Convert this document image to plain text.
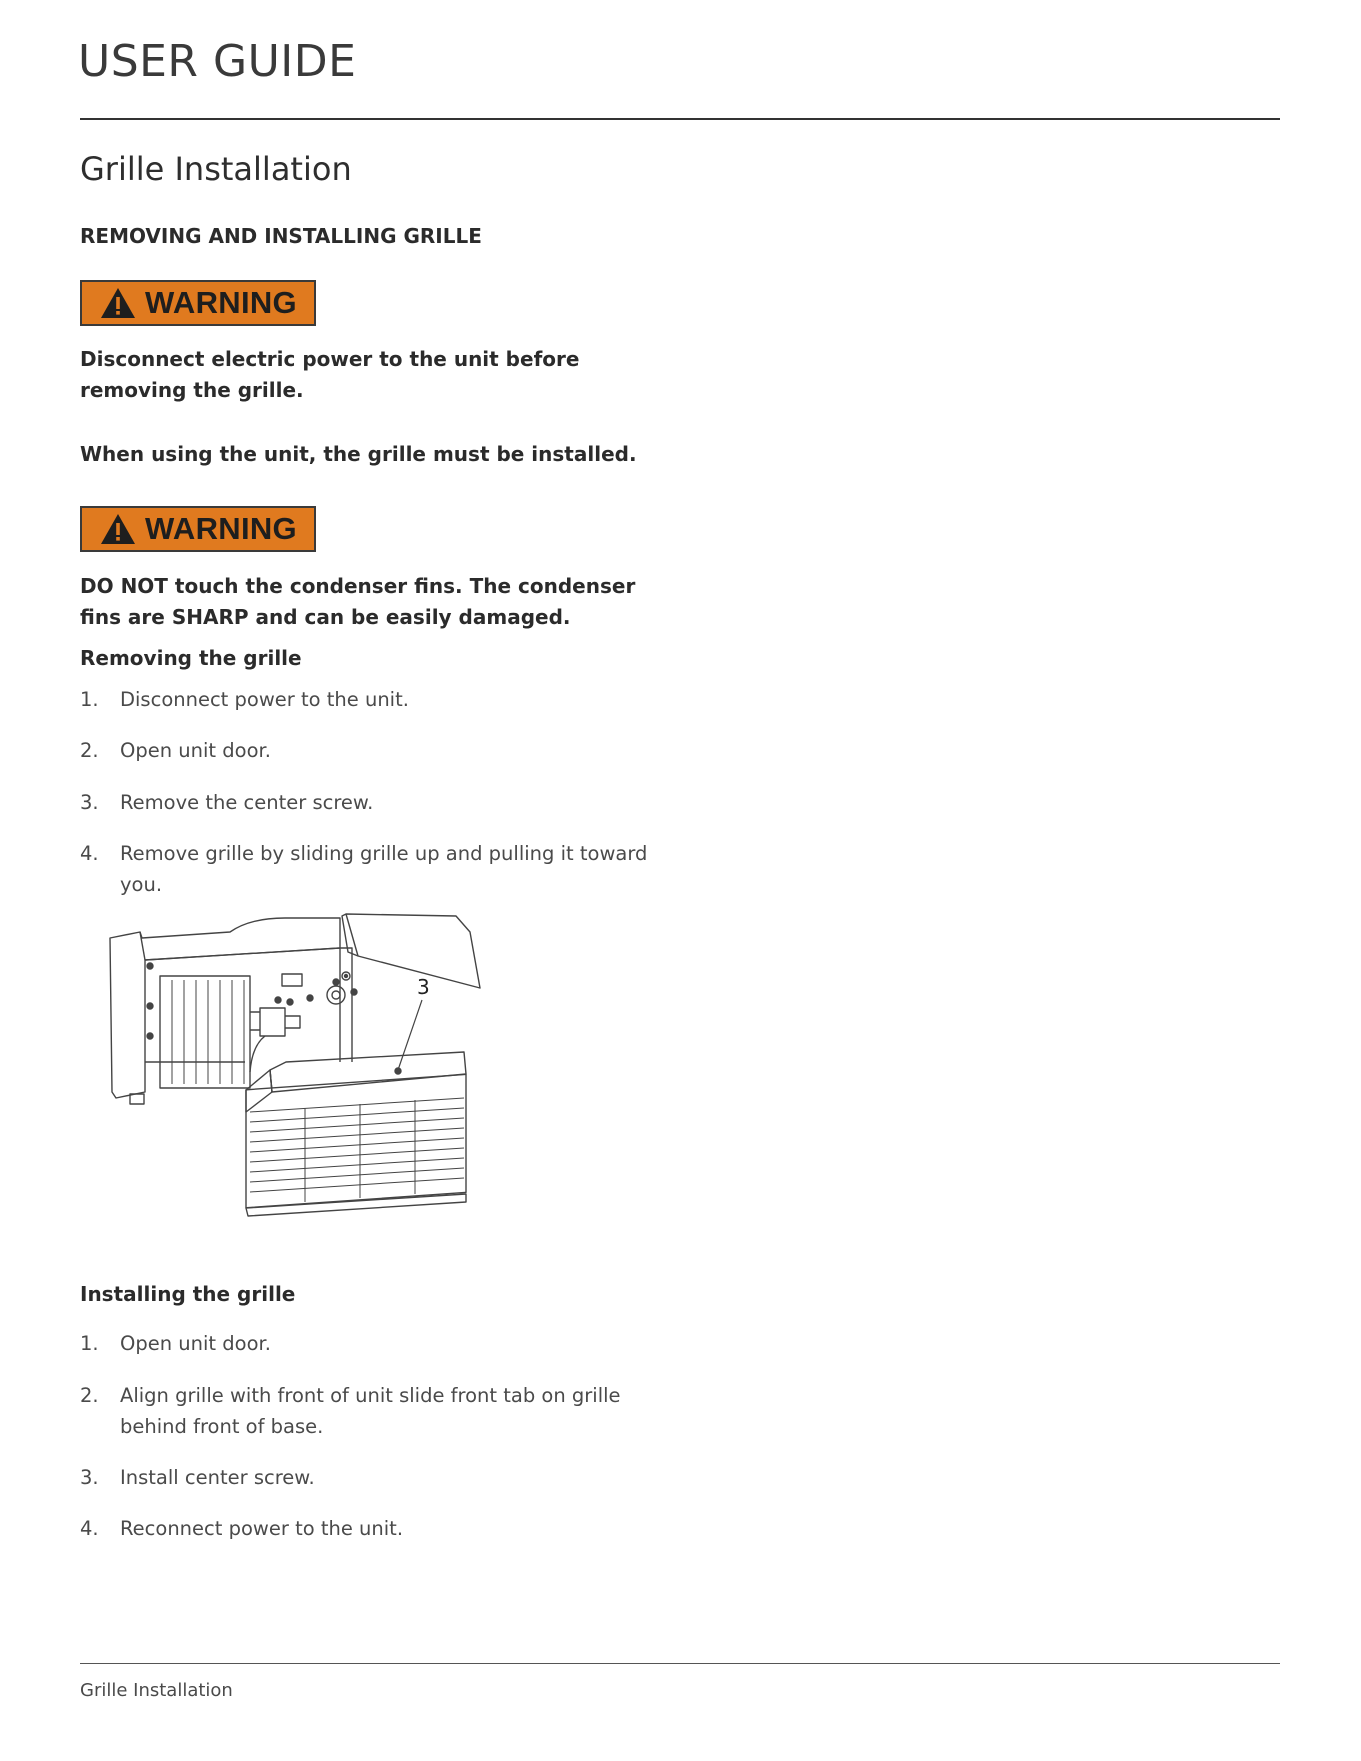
USER GUIDE
Grille Installation
REMOVING AND INSTALLING GRILLE
WARNING

Disconnect electric power to the unit before removing the grille.

When using the unit, the grille must be installed.

WARNING

DO NOT touch the condenser fins. The condenser fins are SHARP and can be easily damaged.

Removing the grille
1. Disconnect power to the unit.
2. Open unit door.
3. Remove the center screw.
4. Remove grille by sliding grille up and pulling it toward you.
3
Installing the grille
1. Open unit door.
2. Align grille with front of unit slide front tab on grille behind front of base.
3. Install center screw.
4. Reconnect power to the unit.

Grille Installation
